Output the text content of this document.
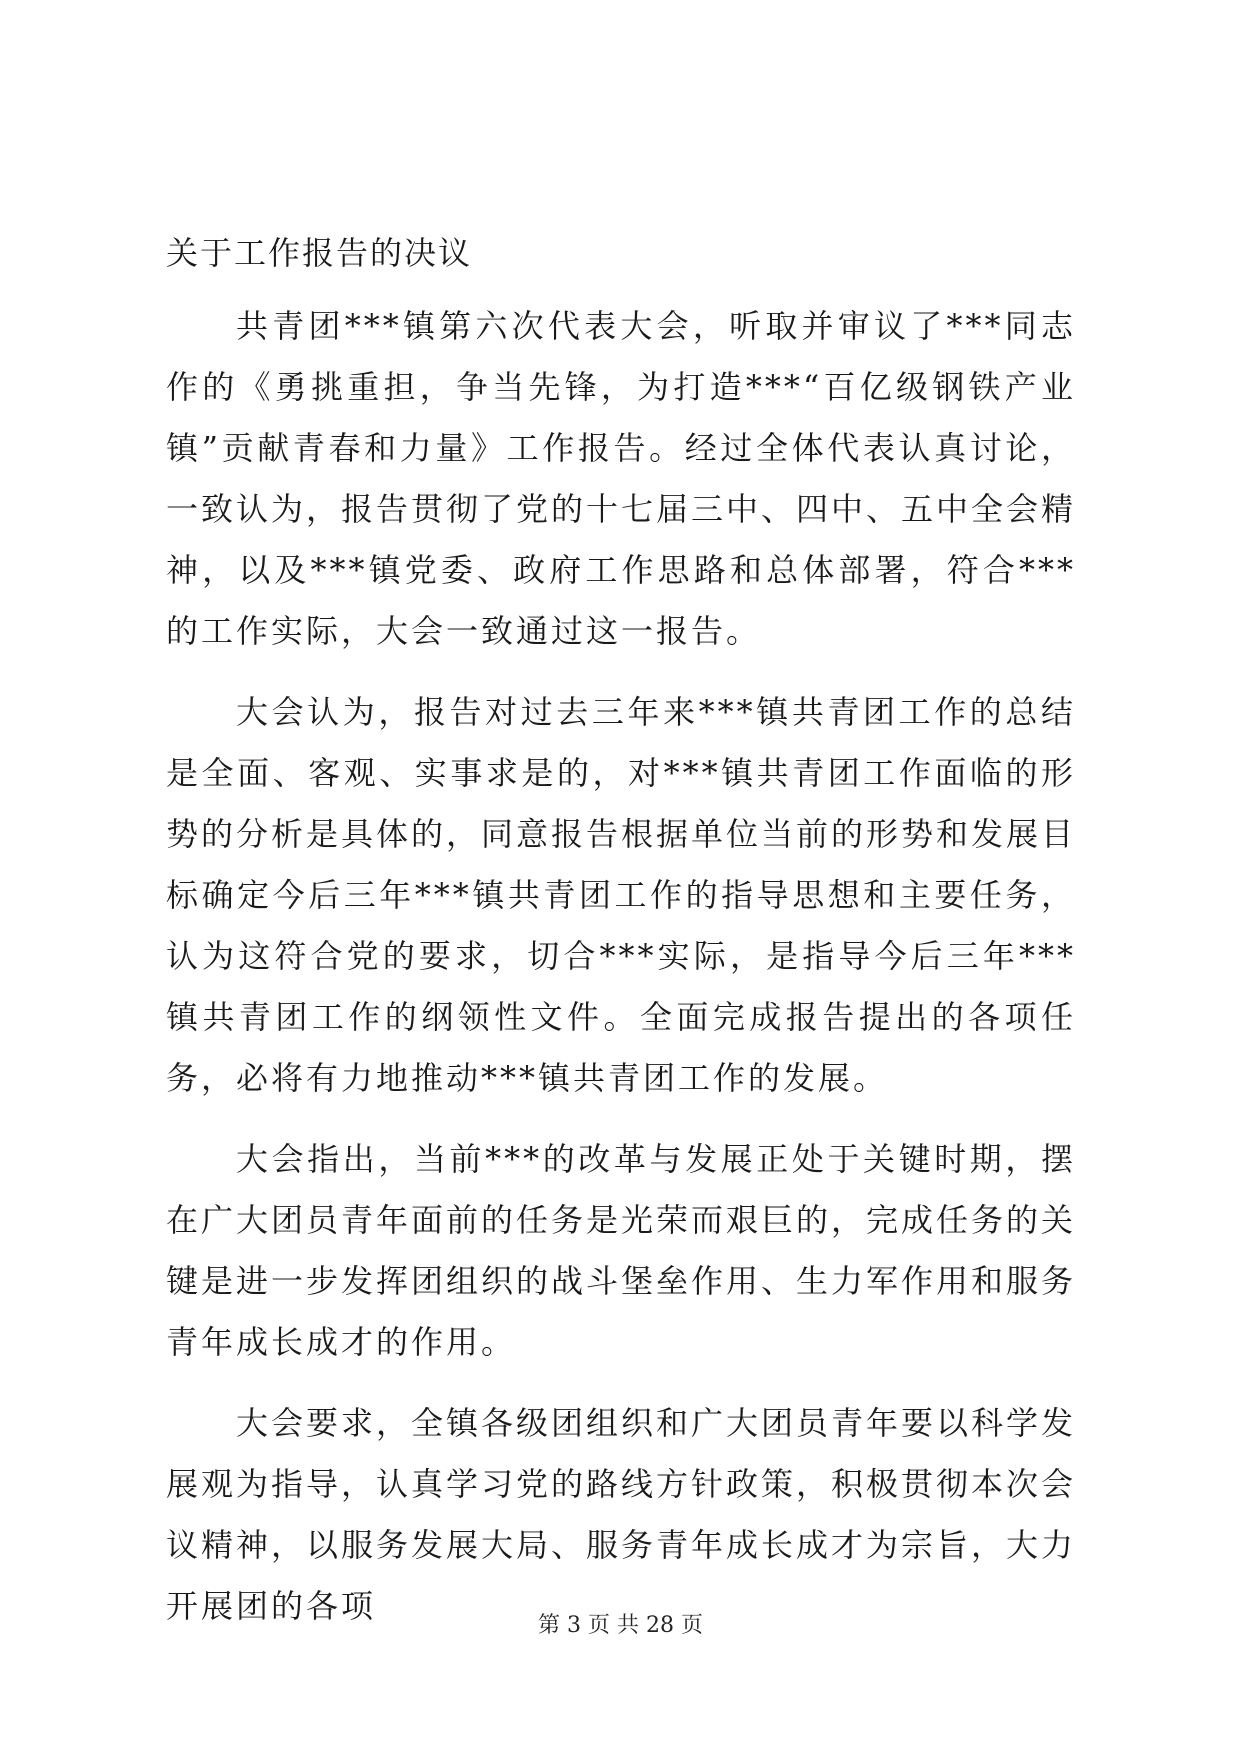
关于工作报告的决议

共青团***镇第六次代表大会，听取并审议了***同志作的《勇挑重担，争当先锋，为打造***“百亿级钢铁产业镇”贡献青春和力量》工作报告。经过全体代表认真讨论，一致认为，报告贯彻了党的十七届三中、四中、五中全会精神，以及***镇党委、政府工作思路和总体部署，符合***的工作实际，大会一致通过这一报告。

大会认为，报告对过去三年来***镇共青团工作的总结是全面、客观、实事求是的，对***镇共青团工作面临的形势的分析是具体的，同意报告根据单位当前的形势和发展目标确定今后三年***镇共青团工作的指导思想和主要任务，认为这符合党的要求，切合***实际，是指导今后三年***镇共青团工作的纲领性文件。全面完成报告提出的各项任务，必将有力地推动***镇共青团工作的发展。

大会指出，当前***的改革与发展正处于关键时期，摆在广大团员青年面前的任务是光荣而艰巨的，完成任务的关键是进一步发挥团组织的战斗堡垒作用、生力军作用和服务青年成长成才的作用。

大会要求，全镇各级团组织和广大团员青年要以科学发展观为指导，认真学习党的路线方针政策，积极贯彻本次会议精神，以服务发展大局、服务青年成长成才为宗旨，大力开展团的各项

第 3 页 共 28 页
